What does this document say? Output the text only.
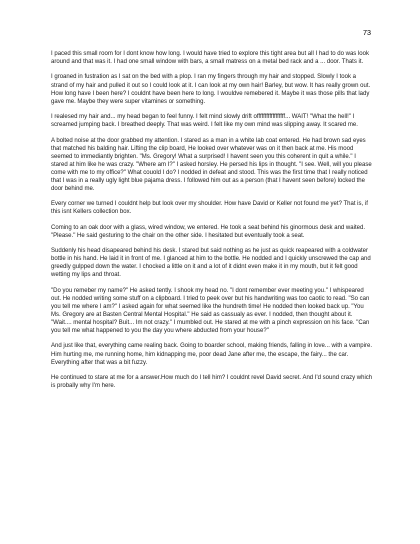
73

I paced this small room for I dont know how long. I would have tried to explore this tight area but all I had to do was look around and that was it. I had one small window with bars, a small matress on a metal bed rack and a ... door. Thats it.

I groaned in fustration as I sat on the bed with a plop. I ran my fingers through my hair and stopped. Slowly I took a strand of my hair and pulled it out so I could look at it. I can look at my own hair! Barley, but wow. It has really grown out. How long have I been here? I couldnt have been here to long. I wouldve remebered it. Maybe it was those pills that lady gave me. Maybe they were super vitamines or something.

I realesed my hair and... my head began to feel funny. I felt mind slowly drift offffffffffffffffff... WAIT! "What the hell!" I screamed jumping back. I breathed deeply. That was weird. I felt like my own mind was slipping away. It scared me.

A bolted noise at the door grabbed my attention. I stared as a man in a white lab coat entered. He had brown sad eyes that matched his balding hair. Lifting the clip board, He looked over whatever was on it then back at me. His mood seemed to immediantly brighten. "Ms. Gregory! What a surprised! I havent seen you this coherent in quit a while." I stared at him like he was crazy. "Where am I?" I asked horsley. He persed his lips in thought. "I see. Well, will you please come with me to my office?" What couold I do? I nodded in defeat and stood. This was the first time that I really noticed that I was in a really ugly light blue pajama dress. I followed him out as a person (that I havent seen before) locked the door behind me.

Every corner we turned I couldnt help but look over my shoulder. How have David or Keller not found me yet? That is, if this isnt Kellers collection box.

Coming to an oak door with a glass, wired window, we entered. He took a seat behind his ginormous desk and waited. "Please." He said gesturing to the chair on the other side. I hesitated but eventually took a seat.

Suddenly his head disapeared behind his desk. I stared but said nothing as he just as quick reapeared with a coldwater bottle in his hand. He laid it in front of me. I glanced at him to the bottle. He nodded and I quickly unscrewed the cap and greedly gulpped down the water. I chocked a little on it and a lot of it didnt even make it in my mouth, but it felt good wetting my lips and throat.

"Do you remeber my name?" He asked tently. I shook my head no. "I dont remember ever meeting you." I whispeared out. He nodded writing some stuff on a clipboard. I tried to peek over but his handwriting was too caotic to read. "So can you tell me where I am?" I asked again for what seemed like the hundreth time! He nodded then looked back up. "You Ms. Gregory are at Basten Central Mental Hospital." He said as cassualy as ever. I nodded, then thought about it. "Wait.... mental hospital? Buit... Im not crazy." I mumbled out. He stared at me with a pinch expression on his face. "Can you tell me what happened to you the day you where abducted from your house?"

And just like that, everything came realing back. Going to boarder school, making friends, falling in love... with a vampire. Him hurting me, me running home, him kidnapping me, poor dead Jane after me, the escape, the fairy... the car. Everything after that was a bit fuzzy.

He continued to stare at me for a answer.How much do I tell him? I couldnt revel David secret. And I'd sound crazy which is probally why I'm here.
